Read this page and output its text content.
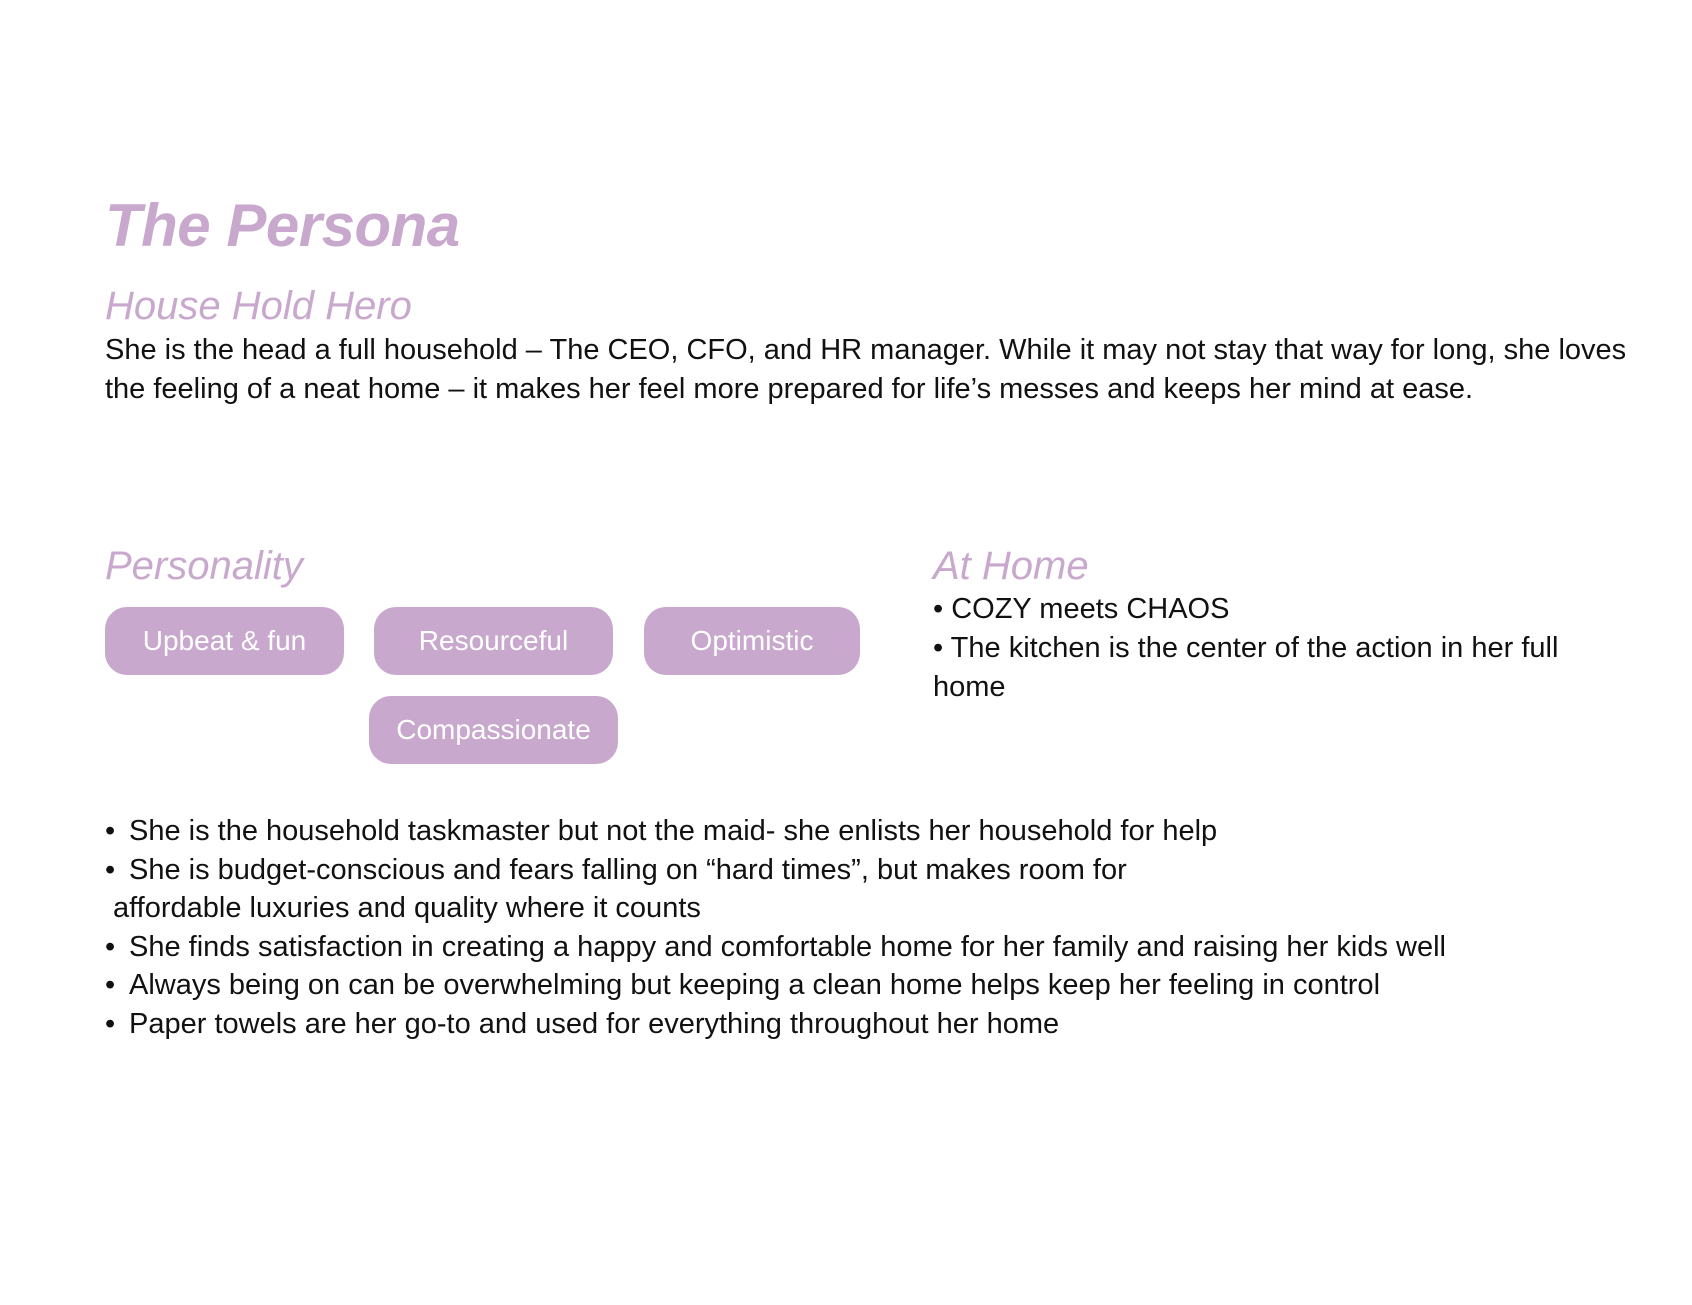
The Persona
House Hold Hero

She is the head a full household – The CEO, CFO, and HR manager. While it may not stay that way for long, she loves the feeling of a neat home – it makes her feel more prepared for life’s messes and keeps her mind at ease.

Personality
Upbeat & fun	Resourceful	Optimistic
Compassionate
At Home
• COZY meets CHAOS
• The kitchen is the center of the action in her full home
• She is the household taskmaster but not the maid- she enlists her household for help
• She is budget-conscious and fears falling on “hard times”, but makes room for
affordable luxuries and quality where it counts
• She finds satisfaction in creating a happy and comfortable home for her family and raising her kids well
• Always being on can be overwhelming but keeping a clean home helps keep her feeling in control
• Paper towels are her go-to and used for everything throughout her home
